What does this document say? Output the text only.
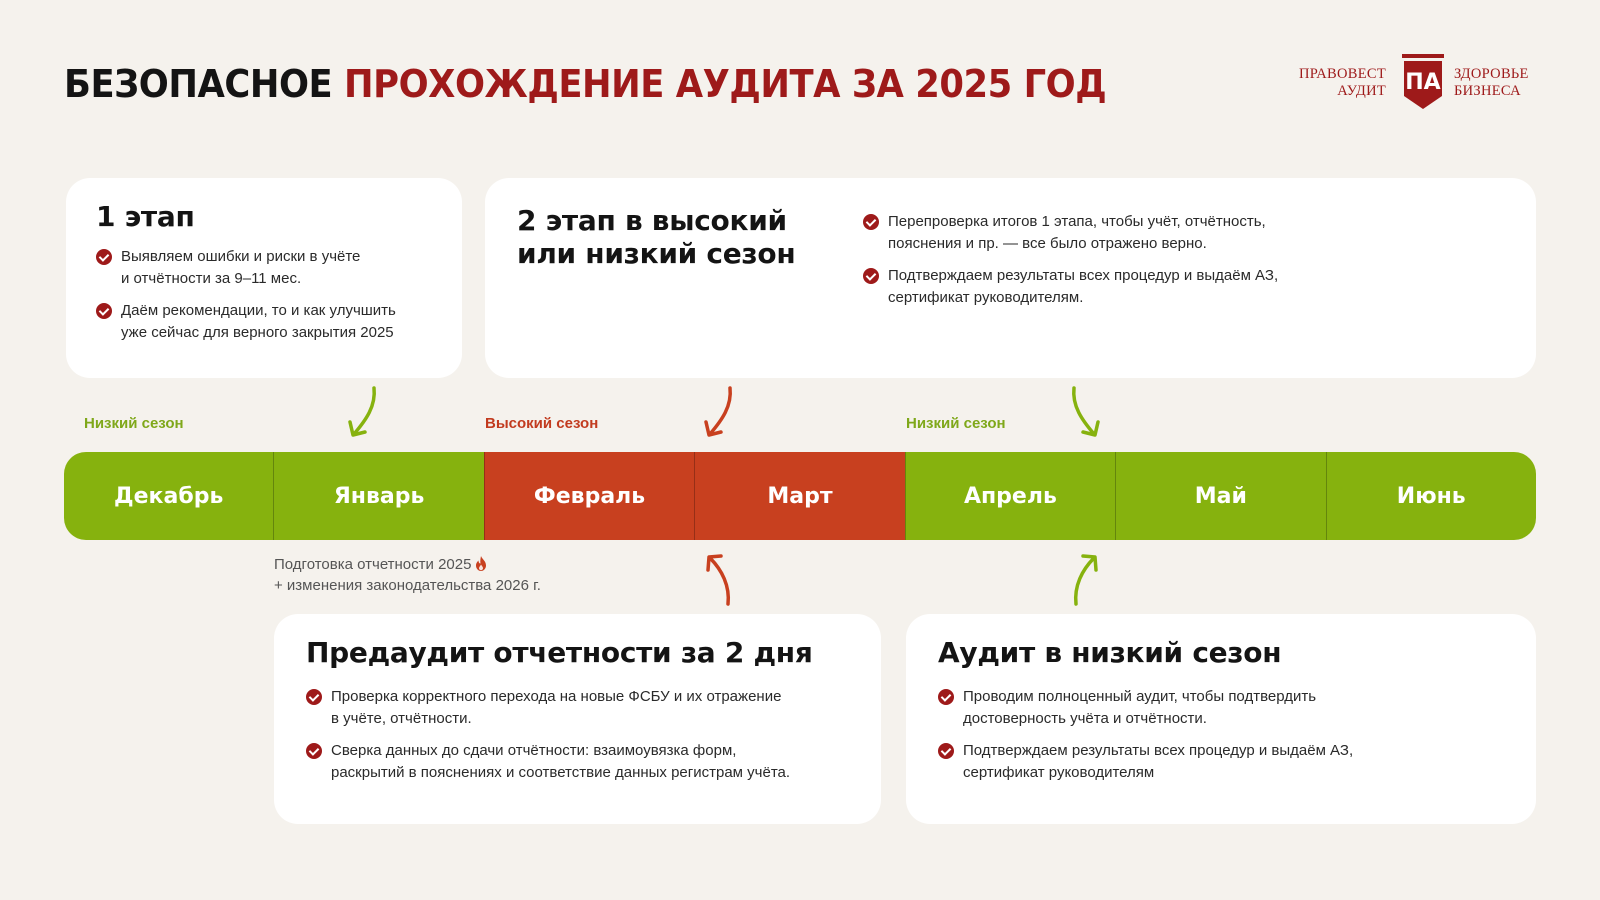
БЕЗОПАСНОЕ ПРОХОЖДЕНИЕ АУДИТА ЗА 2025 ГОД	ПРАВОВЕСТ
АУДИТ ПА ЗДОРОВЬЕ
БИЗНЕСА
1 этап
Выявляем ошибки и риски в учёте
и отчётности за 9–11 мес.
Даём рекомендации, то и как улучшить
уже сейчас для верного закрытия 2025
2 этап в высокий
или низкий сезон
Перепроверка итогов 1 этапа, чтобы учёт, отчётность,
пояснения и пр. — все было отражено верно.
Подтверждаем результаты всех процедур и выдаём АЗ,
сертификат руководителям.
Низкий сезон	Высокий сезон	Низкий сезон
Декабрь	Январь	Февраль	Март	Апрель	Май	Июнь
Подготовка отчетности 2025
+ изменения законодательства 2026 г.
Предаудит отчетности за 2 дня
Проверка корректного перехода на новые ФСБУ и их отражение
в учёте, отчётности.
Сверка данных до сдачи отчётности: взаимоувязка форм,
раскрытий в пояснениях и соответствие данных регистрам учёта.
Аудит в низкий сезон
Проводим полноценный аудит, чтобы подтвердить
достоверность учёта и отчётности.
Подтверждаем результаты всех процедур и выдаём АЗ,
сертификат руководителям
